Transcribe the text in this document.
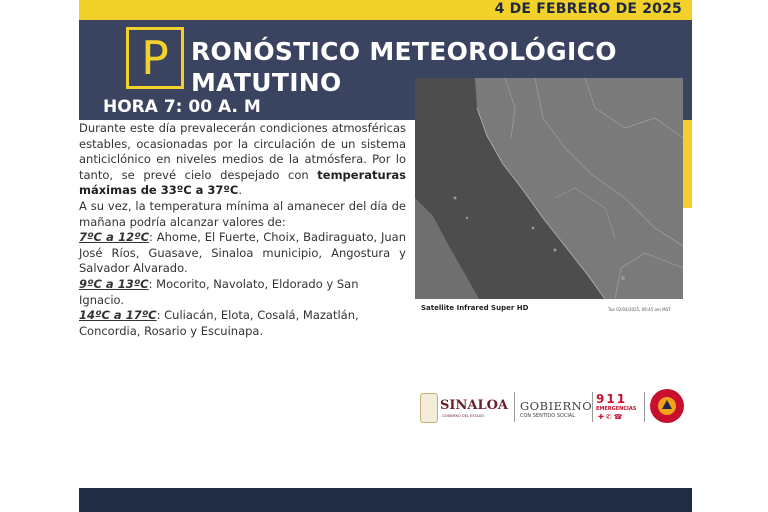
4 DE FEBRERO DE 2025
P RONÓSTICO METEOROLÓGICO
MATUTINO
HORA 7: 00 A. M
Satellite Infrared Super HD	Tue 02/04/2025, 06:45 am MST

Durante este día prevalecerán condiciones atmosféricas estables, ocasionadas por la circulación de un sistema anticiclónico en niveles medios de la atmósfera. Por lo tanto, se prevé cielo despejado con temperaturas máximas de 33ºC a 37ºC.

A su vez, la temperatura mínima al amanecer del día de mañana podría alcanzar valores de:

7ºC a 12ºC: Ahome, El Fuerte, Choix, Badiraguato, Juan José Ríos, Guasave, Sinaloa municipio, Angostura y Salvador Alvarado.

9ºC a 13ºC: Mocorito, Navolato, Eldorado y San Ignacio.

14ºC a 17ºC: Culiacán, Elota, Cosalá, Mazatlán, Concordia, Rosario y Escuinapa.

SINALOA
GOBIERNO DEL ESTADO
GOBIERNO
CON SENTIDO SOCIAL
911
EMERGENCIAS
✚✆☎
